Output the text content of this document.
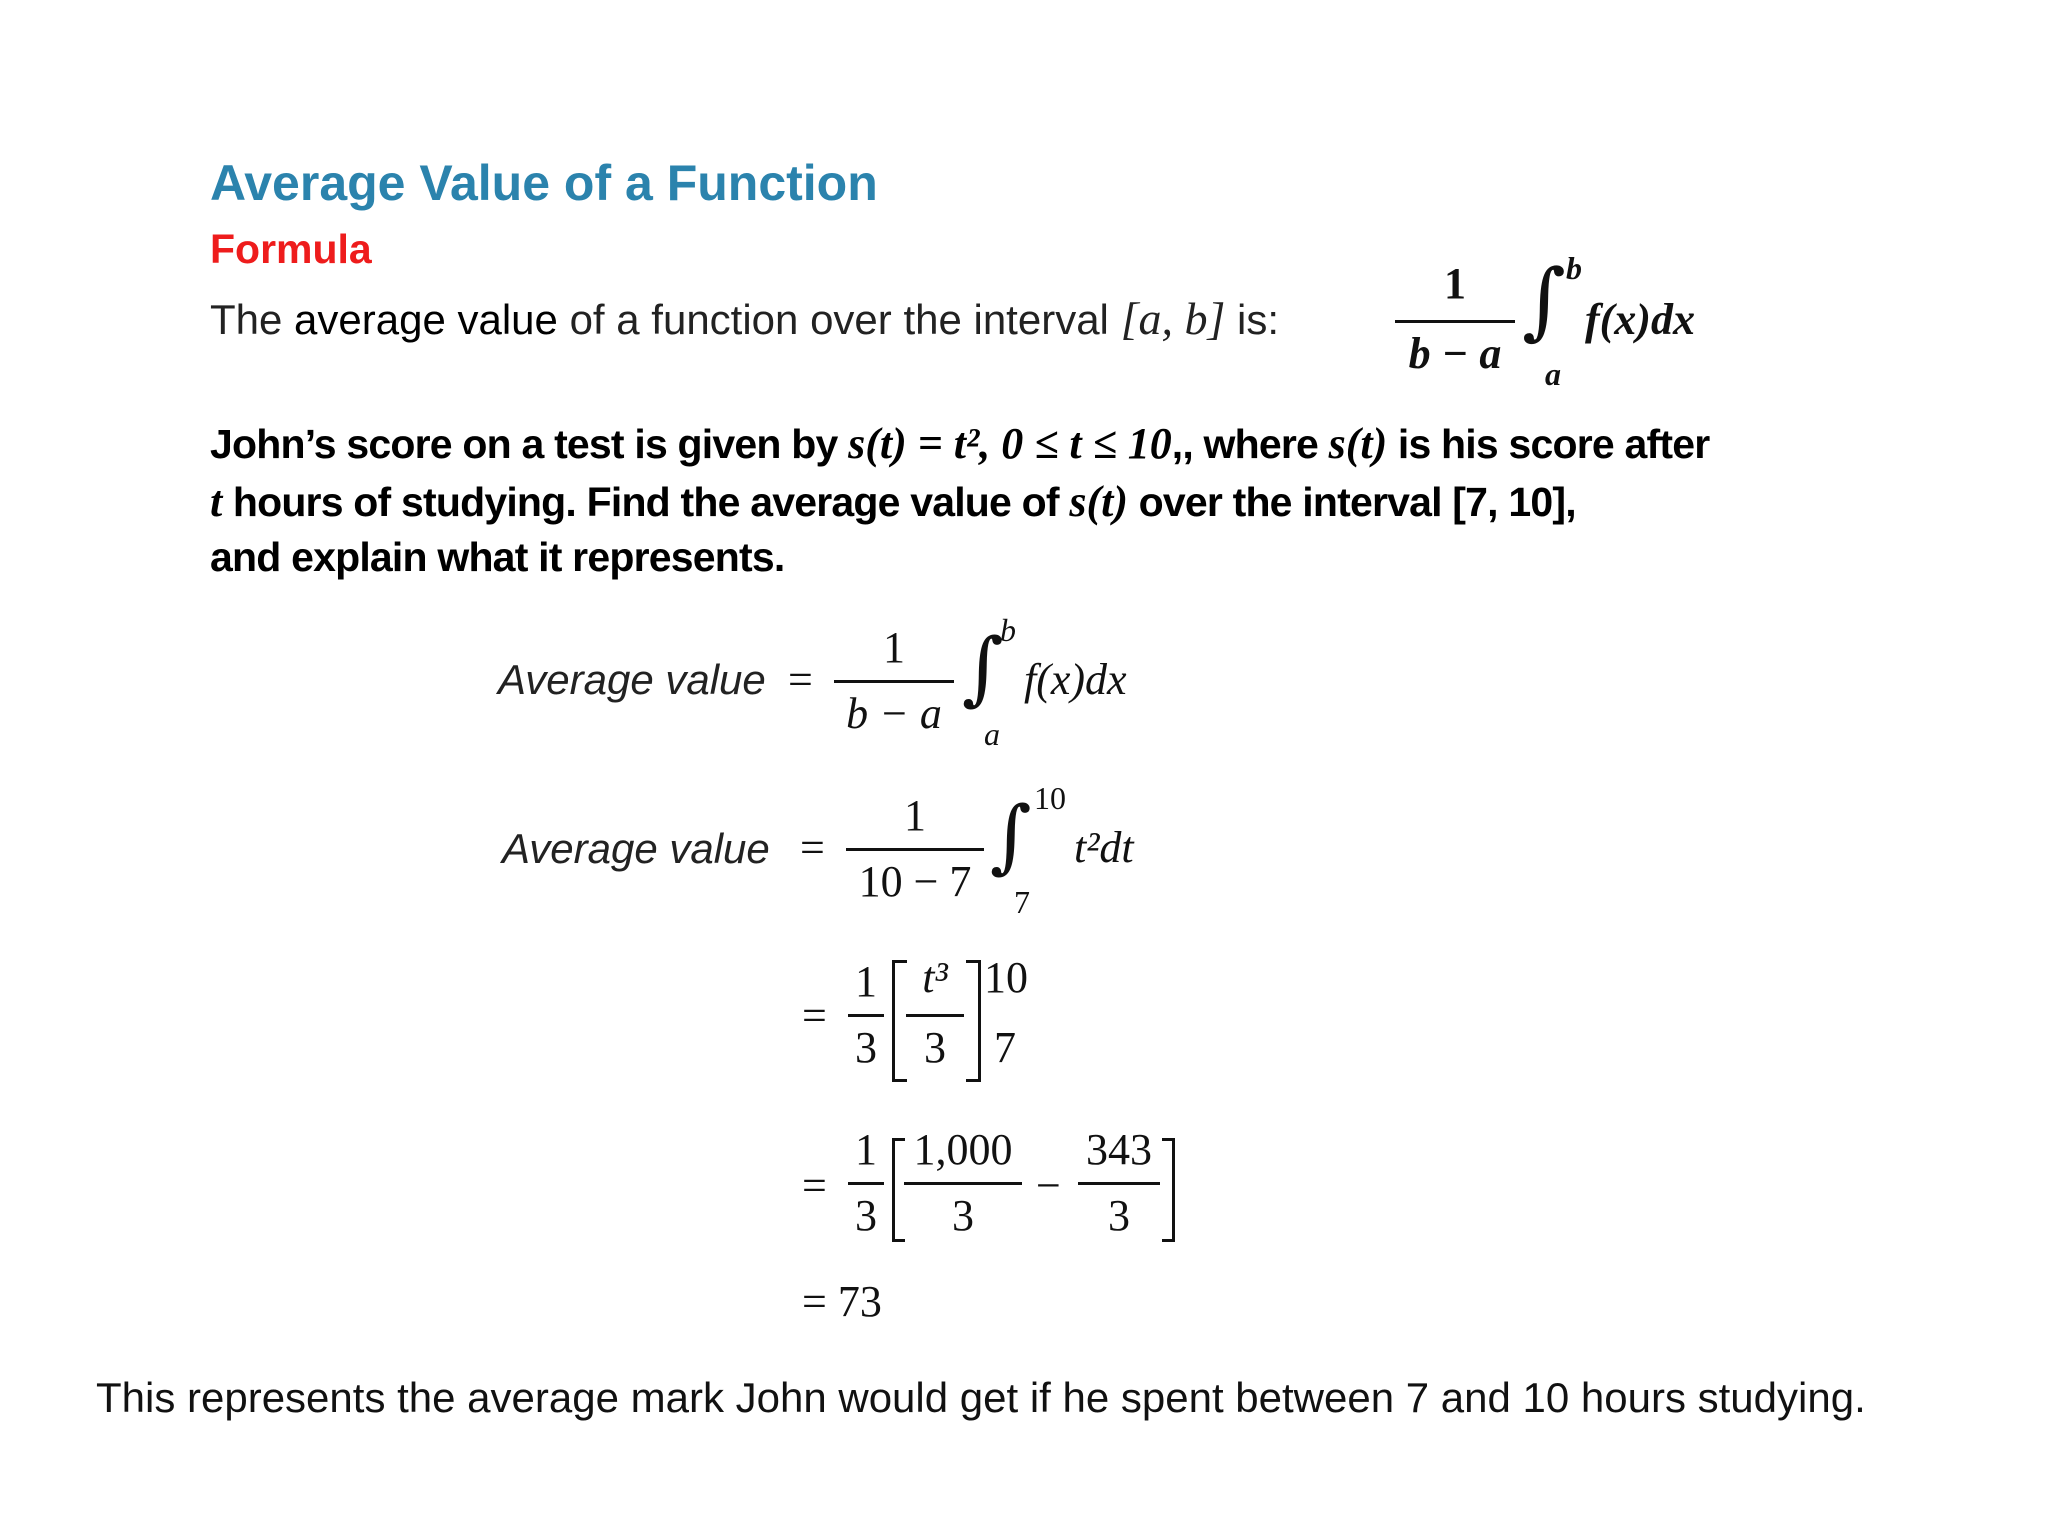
Average Value of a Function
Formula
The average value of a function over the interval [a, b] is:
1
b − a
∫ b
a
f(x)dx
John’s score on a test is given by s(t) = t², 0 ≤ t ≤ 10,, where s(t) is his score after
t hours of studying. Find the average value of s(t) over the interval [7, 10],
and explain what it represents.
Average value =
1
b − a ∫
b
a
f(x)dx
Average value =
1
10 − 7 ∫ 10
7
t²dt
=
1
3
t³
3
10
7
=
1
3
1,000
3
−
343
3
= 73
This represents the average mark John would get if he spent between 7 and 10 hours studying.
